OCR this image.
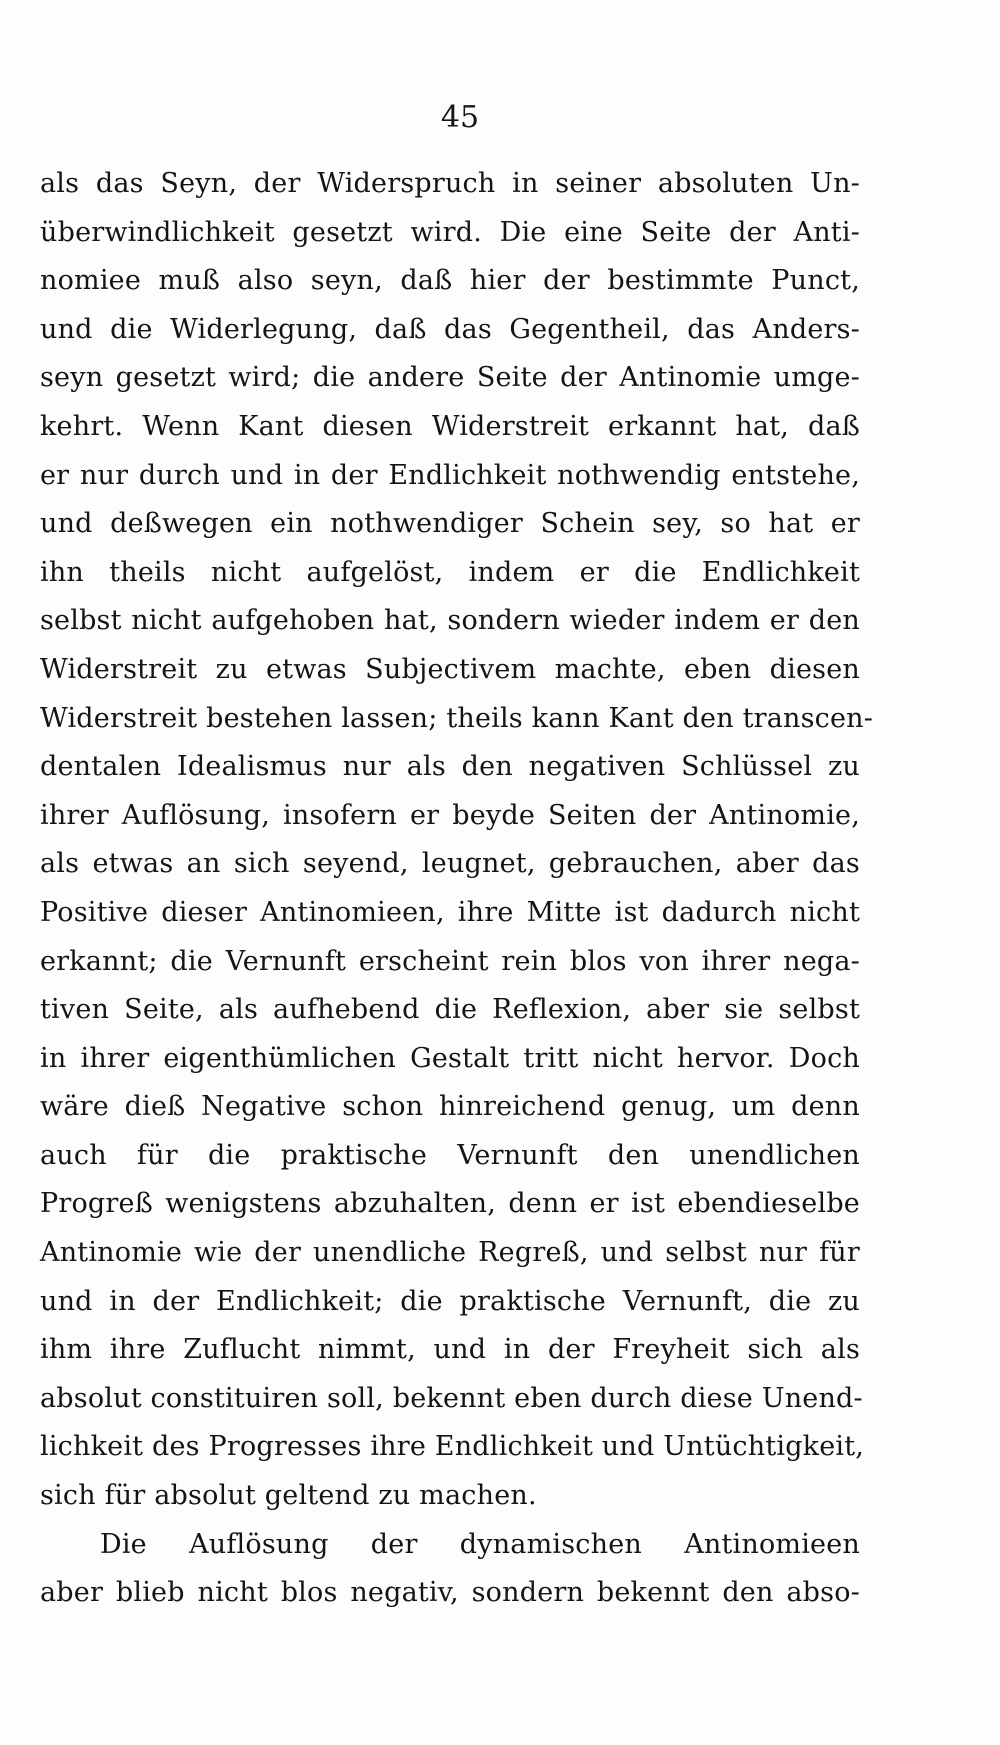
45
als das Seyn, der Widerspruch in seiner absoluten Un-
überwindlichkeit gesetzt wird. Die eine Seite der Anti-
nomiee muß also seyn, daß hier der bestimmte Punct,
und die Widerlegung, daß das Gegentheil, das Anders-
seyn gesetzt wird; die andere Seite der Antinomie umge-
kehrt. Wenn Kant diesen Widerstreit erkannt hat, daß
er nur durch und in der Endlichkeit nothwendig entstehe,
und deßwegen ein nothwendiger Schein sey, so hat er
ihn theils nicht aufgelöst, indem er die Endlichkeit
selbst nicht aufgehoben hat, sondern wieder indem er den
Widerstreit zu etwas Subjectivem machte, eben diesen
Widerstreit bestehen lassen; theils kann Kant den transcen-
dentalen Idealismus nur als den negativen Schlüssel zu
ihrer Auflösung, insofern er beyde Seiten der Antinomie,
als etwas an sich seyend, leugnet, gebrauchen, aber das
Positive dieser Antinomieen, ihre Mitte ist dadurch nicht
erkannt; die Vernunft erscheint rein blos von ihrer nega-
tiven Seite, als aufhebend die Reflexion, aber sie selbst
in ihrer eigenthümlichen Gestalt tritt nicht hervor. Doch
wäre dieß Negative schon hinreichend genug, um denn
auch für die praktische Vernunft den unendlichen
Progreß wenigstens abzuhalten, denn er ist ebendieselbe
Antinomie wie der unendliche Regreß, und selbst nur für
und in der Endlichkeit; die praktische Vernunft, die zu
ihm ihre Zuflucht nimmt, und in der Freyheit sich als
absolut constituiren soll, bekennt eben durch diese Unend-
lichkeit des Progresses ihre Endlichkeit und Untüchtigkeit,
sich für absolut geltend zu machen.
Die Auflösung der dynamischen Antinomieen
aber blieb nicht blos negativ, sondern bekennt den abso-
